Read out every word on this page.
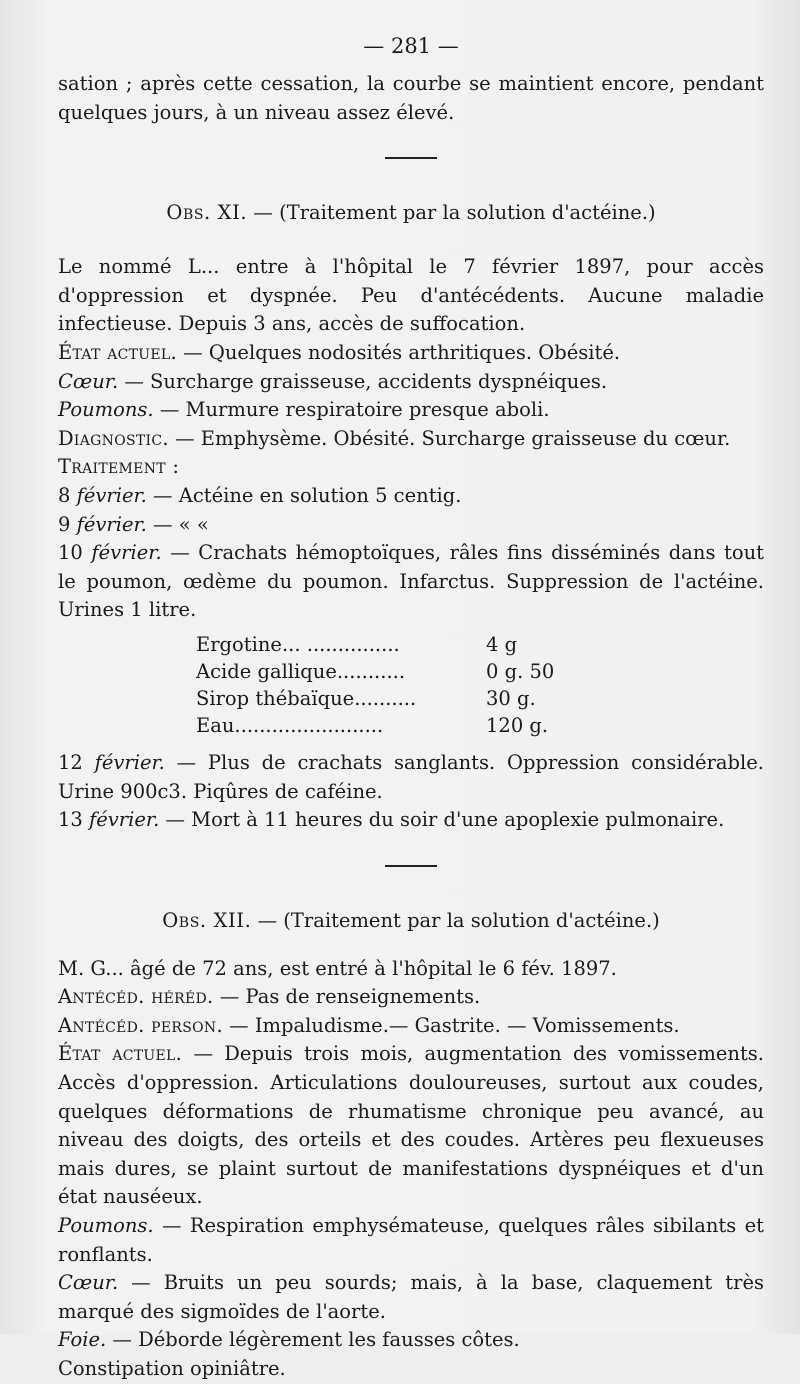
— 281 —

sation ; après cette cessation, la courbe se maintient encore, pendant quelques jours, à un niveau assez élevé.

Obs. XI. — (Traitement par la solution d'actéine.)

Le nommé L... entre à l'hôpital le 7 février 1897, pour accès d'oppression et dyspnée. Peu d'antécédents. Aucune maladie infectieuse. Depuis 3 ans, accès de suffocation.

État actuel. — Quelques nodosités arthritiques. Obésité.

Cœur. — Surcharge graisseuse, accidents dyspnéiques.

Poumons. — Murmure respiratoire presque aboli.

Diagnostic. — Emphysème. Obésité. Surcharge graisseuse du cœur.

Traitement :

8 février. — Actéine en solution 5 centig.

9 février. — « «

10 février. — Crachats hémoptoïques, râles fins disséminés dans tout le poumon, œdème du poumon. Infarctus. Suppression de l'actéine. Urines 1 litre.

Ergotine... ...............	4 g
Acide gallique...........	0 g. 50
Sirop thébaïque..........	30 g.
Eau........................	120 g.

12 février. — Plus de crachats sanglants. Oppression considérable. Urine 900c3. Piqûres de caféine.

13 février. — Mort à 11 heures du soir d'une apoplexie pulmonaire.

Obs. XII. — (Traitement par la solution d'actéine.)

M. G... âgé de 72 ans, est entré à l'hôpital le 6 fév. 1897.

Antécéd. héréd. — Pas de renseignements.

Antécéd. person. — Impaludisme.— Gastrite. — Vomissements.

État actuel. — Depuis trois mois, augmentation des vomissements. Accès d'oppression. Articulations douloureuses, surtout aux coudes, quelques déformations de rhumatisme chronique peu avancé, au niveau des doigts, des orteils et des coudes. Artères peu flexueuses mais dures, se plaint surtout de manifestations dyspnéiques et d'un état nauséeux.

Poumons. — Respiration emphysémateuse, quelques râles sibilants et ronflants.

Cœur. — Bruits un peu sourds; mais, à la base, claquement très marqué des sigmoïdes de l'aorte.

Foie. — Déborde légèrement les fausses côtes.

Constipation opiniâtre.
